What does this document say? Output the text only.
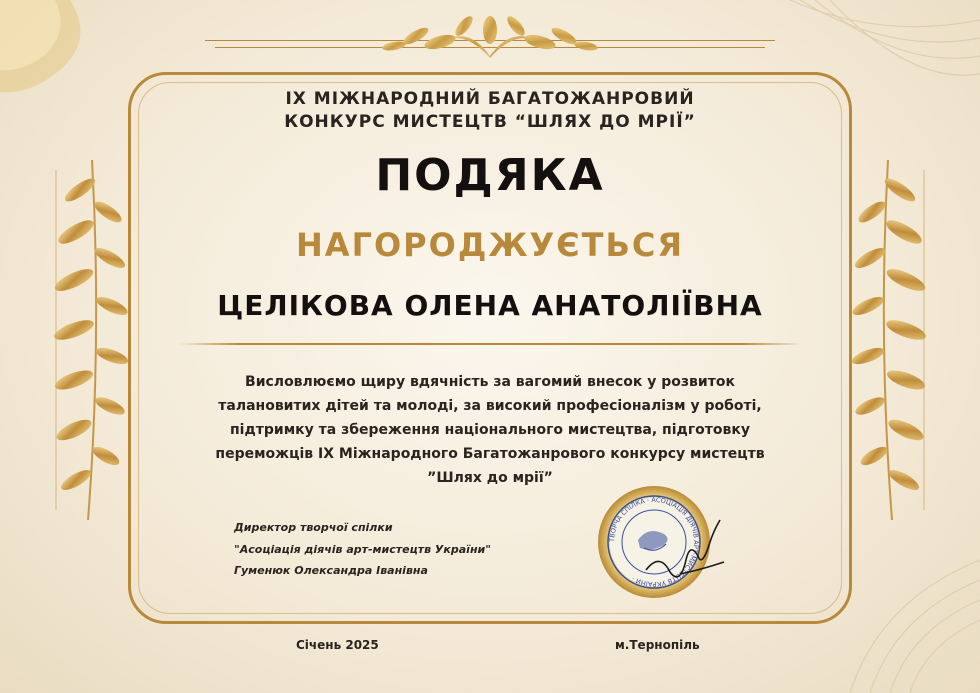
IX МІЖНАРОДНИЙ БАГАТОЖАНРОВИЙ
КОНКУРС МИСТЕЦТВ “ШЛЯХ ДО МРІЇ”
ПОДЯКА
НАГОРОДЖУЄТЬСЯ
ЦЕЛІКОВА ОЛЕНА АНАТОЛІЇВНА
Висловлюємо щиру вдячність за вагомий внесок у розвиток
талановитих дітей та молоді, за високий професіоналізм у роботі,
підтримку та збереження національного мистецтва, підготовку
переможців IX Міжнародного Багатожанрового конкурсу мистецтв
”Шлях до мрії”
Директор творчої спілки
"Асоціація діячів арт-мистецтв України"
Гуменюк Олександра Іванівна
ТВОРЧА СПІЛКА · АСОЦІАЦІЯ ДІЯЧІВ АРТ-МИСТЕЦТВ УКРАЇНИ ·
Січень 2025	м.Тернопіль
